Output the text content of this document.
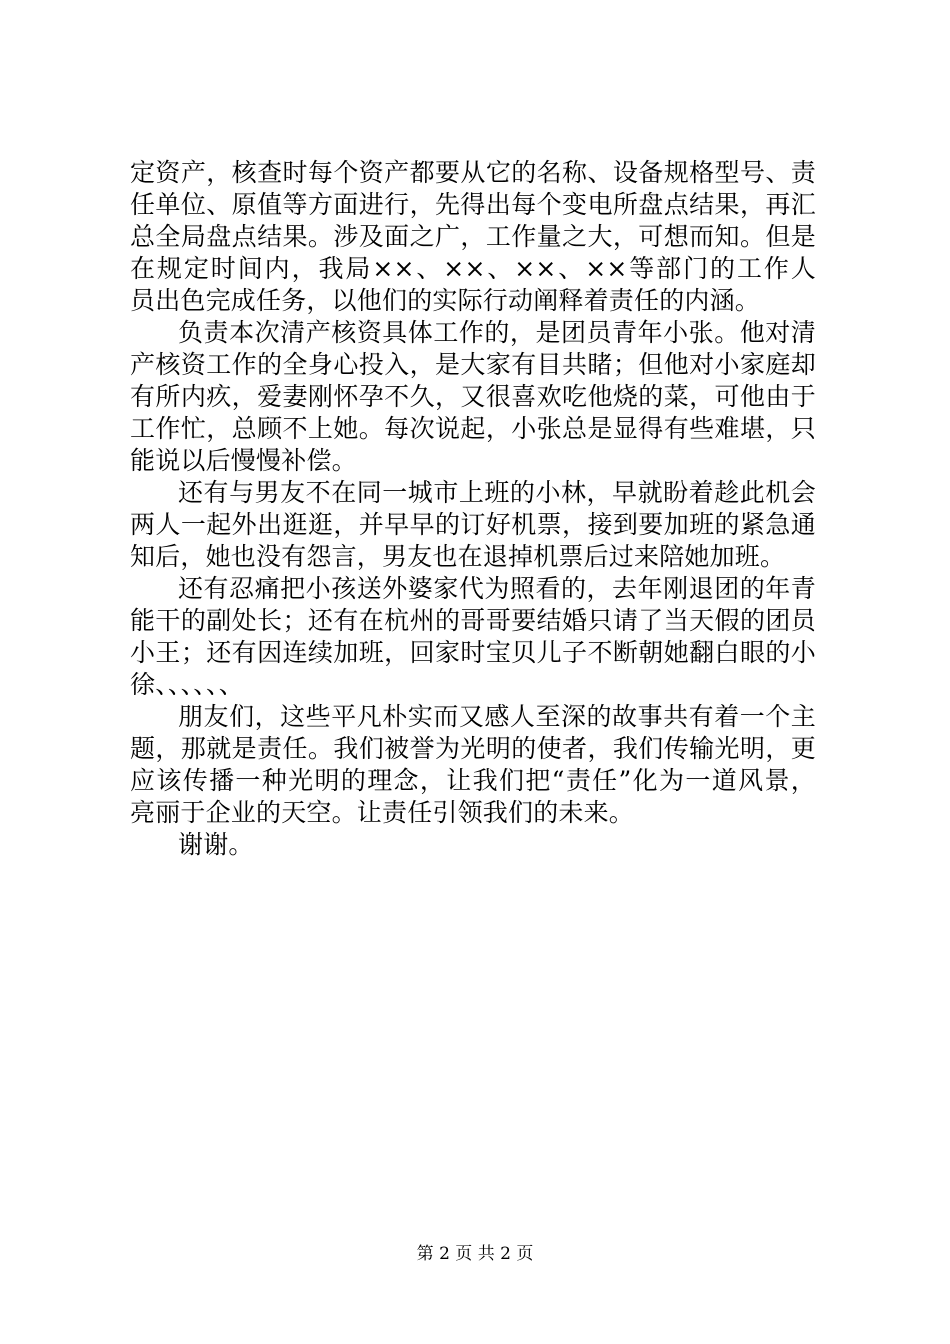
定资产，核查时每个资产都要从它的名称、设备规格型号、责
任单位、原值等方面进行，先得出每个变电所盘点结果，再汇
总全局盘点结果。涉及面之广，工作量之大，可想而知。但是
在规定时间内，我局××、××、××、××等部门的工作人
员出色完成任务，以他们的实际行动阐释着责任的内涵。
负责本次清产核资具体工作的，是团员青年小张。他对清
产核资工作的全身心投入，是大家有目共睹；但他对小家庭却
有所内疚，爱妻刚怀孕不久，又很喜欢吃他烧的菜，可他由于
工作忙，总顾不上她。每次说起，小张总是显得有些难堪，只
能说以后慢慢补偿。
还有与男友不在同一城市上班的小林，早就盼着趁此机会
两人一起外出逛逛，并早早的订好机票，接到要加班的紧急通
知后，她也没有怨言，男友也在退掉机票后过来陪她加班。
还有忍痛把小孩送外婆家代为照看的，去年刚退团的年青
能干的副处长；还有在杭州的哥哥要结婚只请了当天假的团员
小王；还有因连续加班，回家时宝贝儿子不断朝她翻白眼的小
徐、、、、、、
朋友们，这些平凡朴实而又感人至深的故事共有着一个主
题，那就是责任。我们被誉为光明的使者，我们传输光明，更
应该传播一种光明的理念，让我们把“责任”化为一道风景，
亮丽于企业的天空。让责任引领我们的未来。
谢谢。
第 2 页 共 2 页
